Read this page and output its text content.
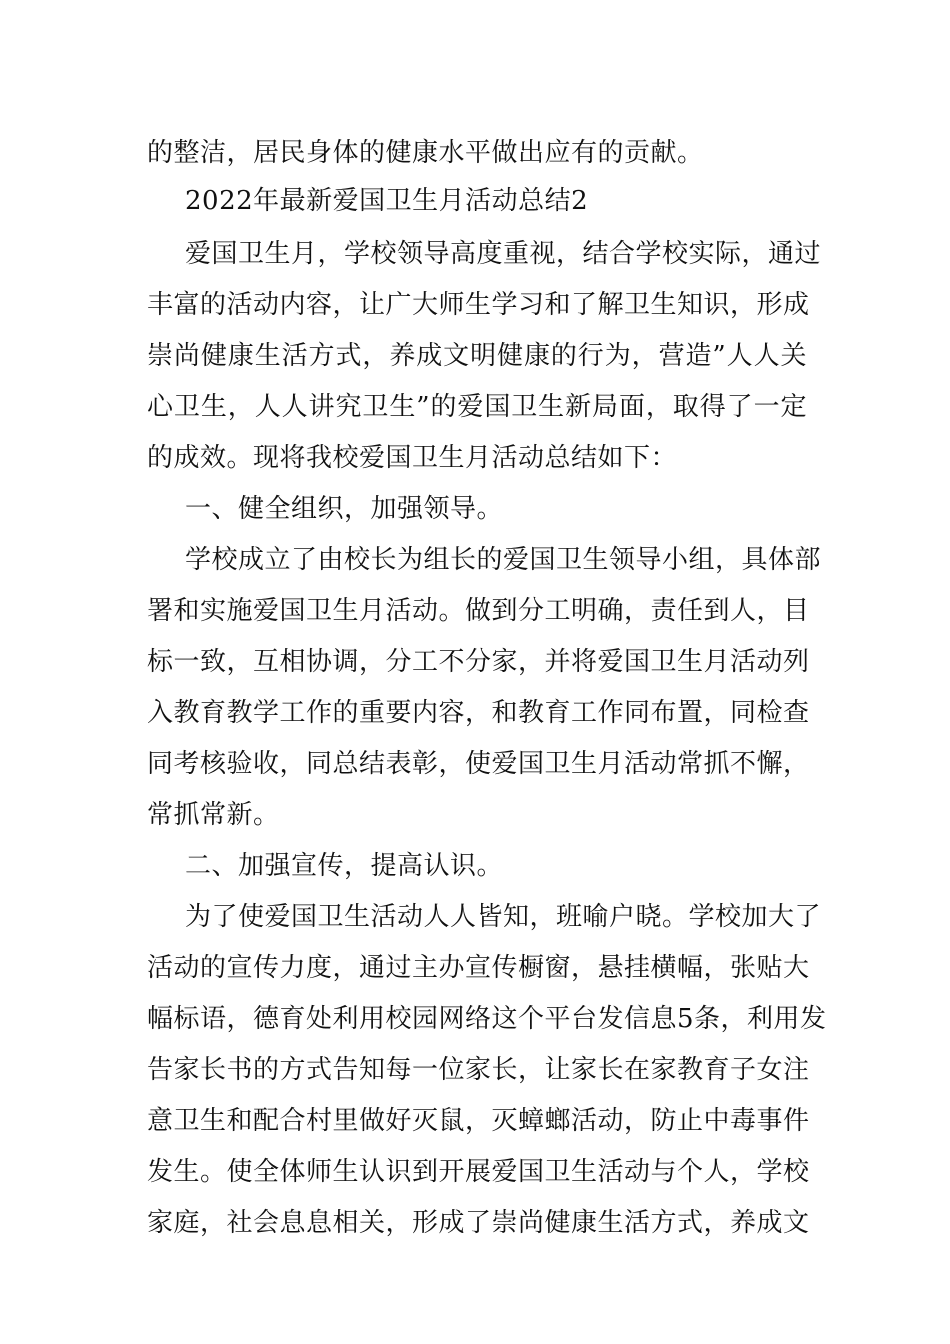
的整洁，居民身体的健康水平做出应有的贡献。
2022年最新爱国卫生月活动总结2
爱国卫生月，学校领导高度重视，结合学校实际，通过
丰富的活动内容，让广大师生学习和了解卫生知识，形成
崇尚健康生活方式，养成文明健康的行为，营造”人人关
心卫生，人人讲究卫生”的爱国卫生新局面，取得了一定
的成效。现将我校爱国卫生月活动总结如下：
一、健全组织，加强领导。
学校成立了由校长为组长的爱国卫生领导小组，具体部
署和实施爱国卫生月活动。做到分工明确，责任到人，目
标一致，互相协调，分工不分家，并将爱国卫生月活动列
入教育教学工作的重要内容，和教育工作同布置，同检查
同考核验收，同总结表彰，使爱国卫生月活动常抓不懈，
常抓常新。
二、加强宣传，提高认识。
为了使爱国卫生活动人人皆知，班喻户晓。学校加大了
活动的宣传力度，通过主办宣传橱窗，悬挂横幅，张贴大
幅标语，德育处利用校园网络这个平台发信息5条，利用发
告家长书的方式告知每一位家长，让家长在家教育子女注
意卫生和配合村里做好灭鼠，灭蟑螂活动，防止中毒事件
发生。使全体师生认识到开展爱国卫生活动与个人，学校
家庭，社会息息相关，形成了崇尚健康生活方式，养成文
